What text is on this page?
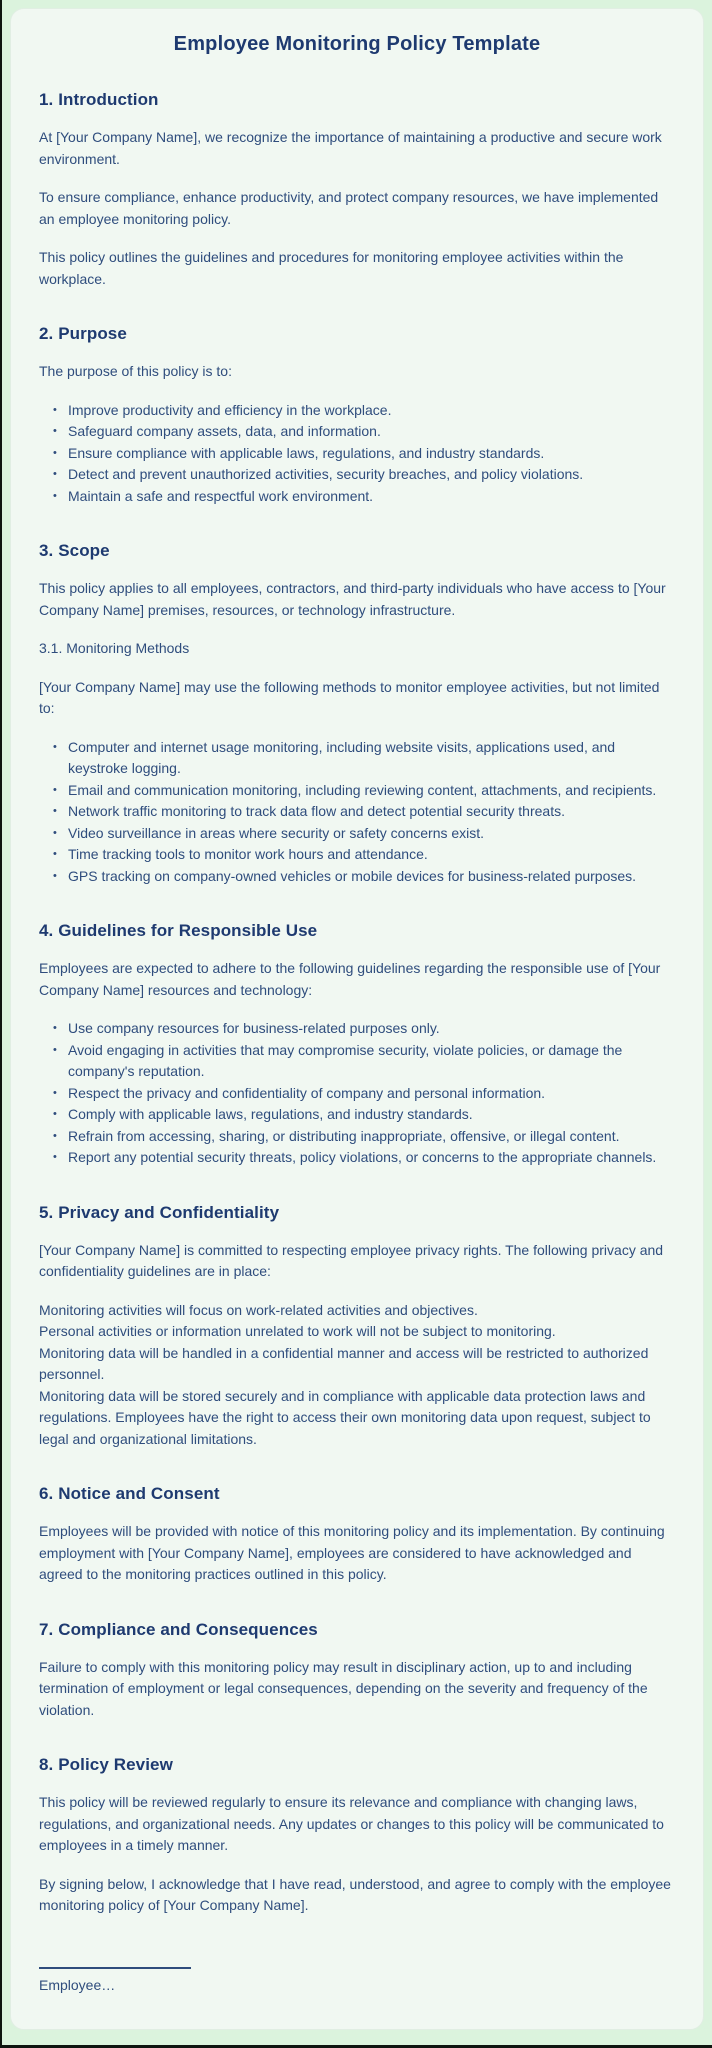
Employee Monitoring Policy Template
1. Introduction

At [Your Company Name], we recognize the importance of maintaining a productive and secure work environment.

To ensure compliance, enhance productivity, and protect company resources, we have implemented an employee monitoring policy.

This policy outlines the guidelines and procedures for monitoring employee activities within the workplace.

2. Purpose

The purpose of this policy is to:

• Improve productivity and efficiency in the workplace.
• Safeguard company assets, data, and information.
• Ensure compliance with applicable laws, regulations, and industry standards.
• Detect and prevent unauthorized activities, security breaches, and policy violations.
• Maintain a safe and respectful work environment.
3. Scope

This policy applies to all employees, contractors, and third-party individuals who have access to [Your Company Name] premises, resources, or technology infrastructure.

3.1. Monitoring Methods

[Your Company Name] may use the following methods to monitor employee activities, but not limited to:

• Computer and internet usage monitoring, including website visits, applications used, and keystroke logging.
• Email and communication monitoring, including reviewing content, attachments, and recipients.
• Network traffic monitoring to track data flow and detect potential security threats.
• Video surveillance in areas where security or safety concerns exist.
• Time tracking tools to monitor work hours and attendance.
• GPS tracking on company-owned vehicles or mobile devices for business-related purposes.
4. Guidelines for Responsible Use

Employees are expected to adhere to the following guidelines regarding the responsible use of [Your Company Name] resources and technology:

• Use company resources for business-related purposes only.
• Avoid engaging in activities that may compromise security, violate policies, or damage the company's reputation.
• Respect the privacy and confidentiality of company and personal information.
• Comply with applicable laws, regulations, and industry standards.
• Refrain from accessing, sharing, or distributing inappropriate, offensive, or illegal content.
• Report any potential security threats, policy violations, or concerns to the appropriate channels.
5. Privacy and Confidentiality

[Your Company Name] is committed to respecting employee privacy rights. The following privacy and confidentiality guidelines are in place:

Monitoring activities will focus on work-related activities and objectives.

Personal activities or information unrelated to work will not be subject to monitoring.

Monitoring data will be handled in a confidential manner and access will be restricted to authorized personnel.

Monitoring data will be stored securely and in compliance with applicable data protection laws and regulations. Employees have the right to access their own monitoring data upon request, subject to legal and organizational limitations.

6. Notice and Consent

Employees will be provided with notice of this monitoring policy and its implementation. By continuing employment with [Your Company Name], employees are considered to have acknowledged and agreed to the monitoring practices outlined in this policy.

7. Compliance and Consequences

Failure to comply with this monitoring policy may result in disciplinary action, up to and including termination of employment or legal consequences, depending on the severity and frequency of the violation.

8. Policy Review

This policy will be reviewed regularly to ensure its relevance and compliance with changing laws, regulations, and organizational needs. Any updates or changes to this policy will be communicated to employees in a timely manner.

By signing below, I acknowledge that I have read, understood, and agree to comply with the employee monitoring policy of [Your Company Name].

Employee…
